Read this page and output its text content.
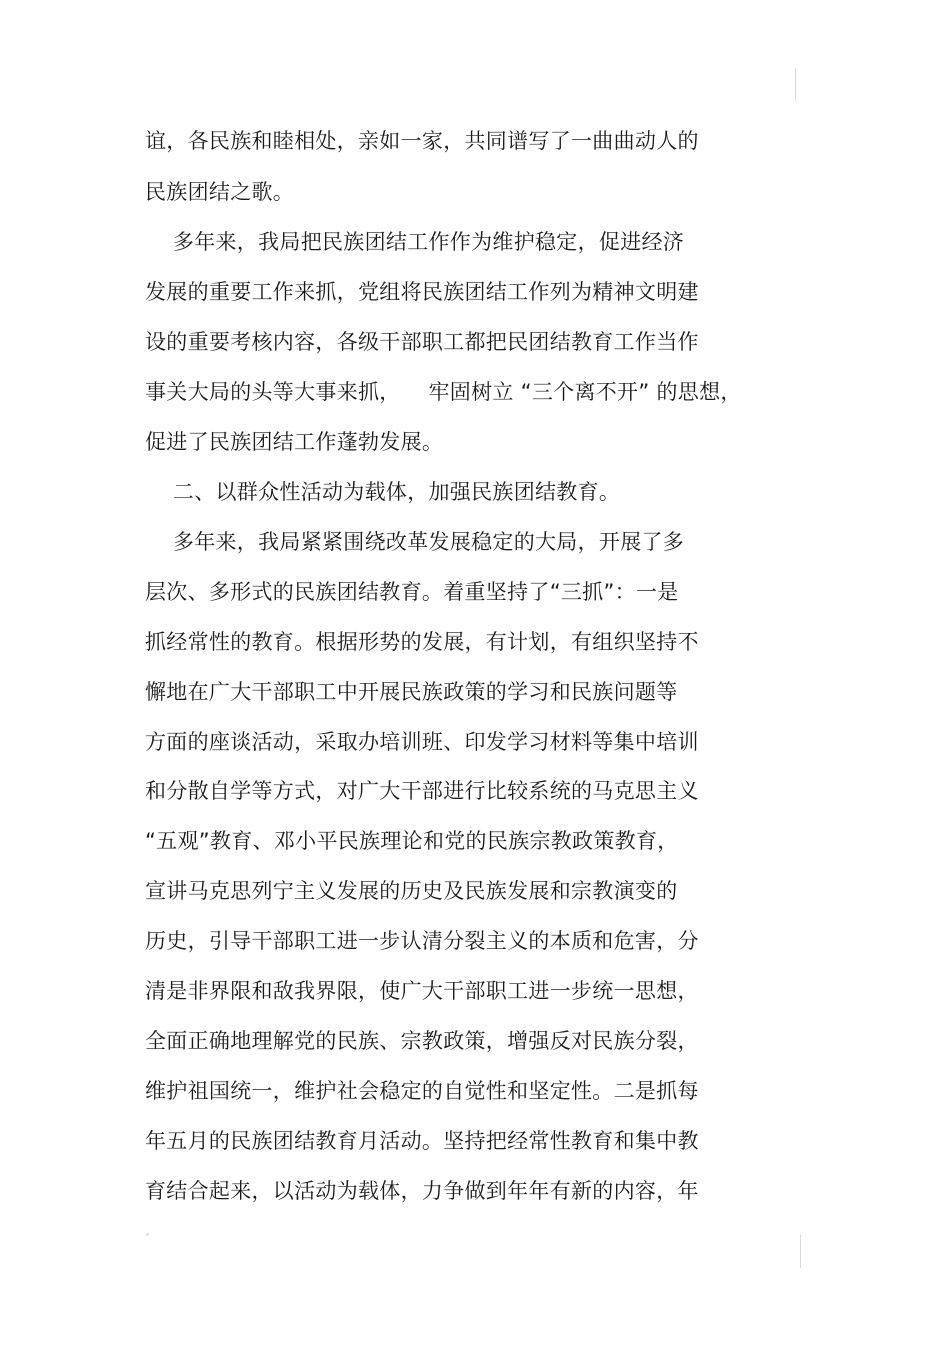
谊，各民族和睦相处，亲如一家，共同谱写了一曲曲动人的
民族团结之歌。
多年来，我局把民族团结工作作为维护稳定，促进经济
发展的重要工作来抓，党组将民族团结工作列为精神文明建
设的重要考核内容，各级干部职工都把民团结教育工作当作
事关大局的头等大事来抓，    牢固树立 “三个离不开” 的思想，
促进了民族团结工作蓬勃发展。
二、以群众性活动为载体，加强民族团结教育。
多年来，我局紧紧围绕改革发展稳定的大局，开展了多
层次、多形式的民族团结教育。着重坚持了“三抓”：一是
抓经常性的教育。根据形势的发展，有计划，有组织坚持不
懈地在广大干部职工中开展民族政策的学习和民族问题等
方面的座谈活动，采取办培训班、印发学习材料等集中培训
和分散自学等方式，对广大干部进行比较系统的马克思主义
“五观”教育、邓小平民族理论和党的民族宗教政策教育，
宣讲马克思列宁主义发展的历史及民族发展和宗教演变的
历史，引导干部职工进一步认清分裂主义的本质和危害，分
清是非界限和敌我界限，使广大干部职工进一步统一思想，
全面正确地理解党的民族、宗教政策，增强反对民族分裂，
维护祖国统一，维护社会稳定的自觉性和坚定性。二是抓每
年五月的民族团结教育月活动。坚持把经常性教育和集中教
育结合起来，以活动为载体，力争做到年年有新的内容，年
